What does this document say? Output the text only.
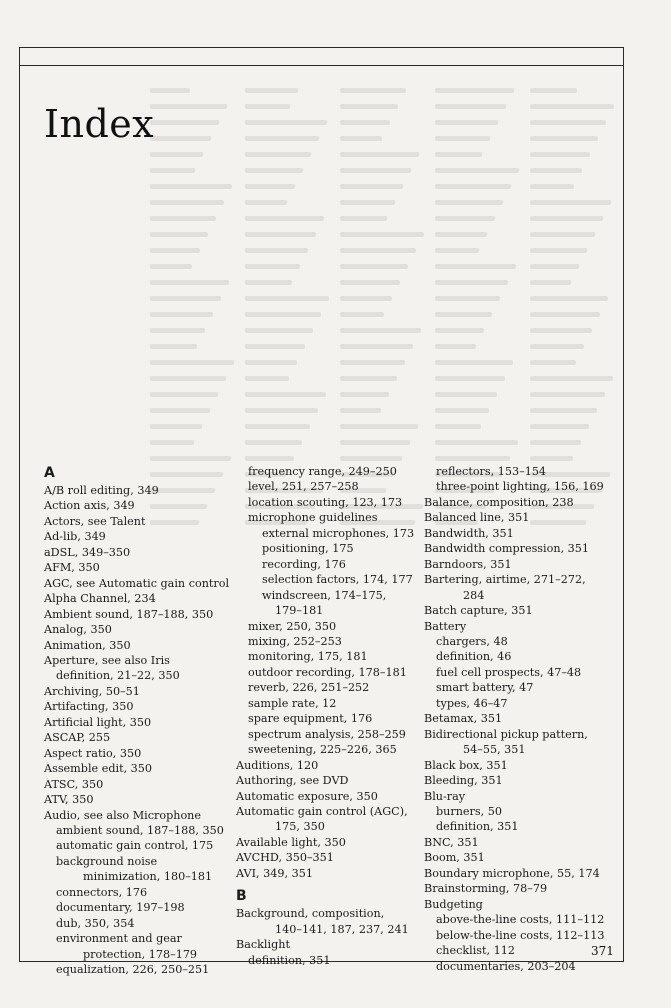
Index
A
A/B roll editing, 349
Action axis, 349
Actors, see Talent
Ad-lib, 349
aDSL, 349–350
AFM, 350
AGC, see Automatic gain control
Alpha Channel, 234
Ambient sound, 187–188, 350
Analog, 350
Animation, 350
Aperture, see also Iris
definition, 21–22, 350
Archiving, 50–51
Artifacting, 350
Artificial light, 350
ASCAP, 255
Aspect ratio, 350
Assemble edit, 350
ATSC, 350
ATV, 350
Audio, see also Microphone
ambient sound, 187–188, 350
automatic gain control, 175
background noise
minimization, 180–181
connectors, 176
documentary, 197–198
dub, 350, 354
environment and gear
protection, 178–179
equalization, 226, 250–251
frequency range, 249–250
level, 251, 257–258
location scouting, 123, 173
microphone guidelines
external microphones, 173
positioning, 175
recording, 176
selection factors, 174, 177
windscreen, 174–175,
179–181
mixer, 250, 350
mixing, 252–253
monitoring, 175, 181
outdoor recording, 178–181
reverb, 226, 251–252
sample rate, 12
spare equipment, 176
spectrum analysis, 258–259
sweetening, 225–226, 365
Auditions, 120
Authoring, see DVD
Automatic exposure, 350
Automatic gain control (AGC),
175, 350
Available light, 350
AVCHD, 350–351
AVI, 349, 351
B
Background, composition,
140–141, 187, 237, 241
Backlight
definition, 351
reflectors, 153–154
three-point lighting, 156, 169
Balance, composition, 238
Balanced line, 351
Bandwidth, 351
Bandwidth compression, 351
Barndoors, 351
Bartering, airtime, 271–272,
284
Batch capture, 351
Battery
chargers, 48
definition, 46
fuel cell prospects, 47–48
smart battery, 47
types, 46–47
Betamax, 351
Bidirectional pickup pattern,
54–55, 351
Black box, 351
Bleeding, 351
Blu-ray
burners, 50
definition, 351
BNC, 351
Boom, 351
Boundary microphone, 55, 174
Brainstorming, 78–79
Budgeting
above-the-line costs, 111–112
below-the-line costs, 112–113
checklist, 112
documentaries, 203–204
371
